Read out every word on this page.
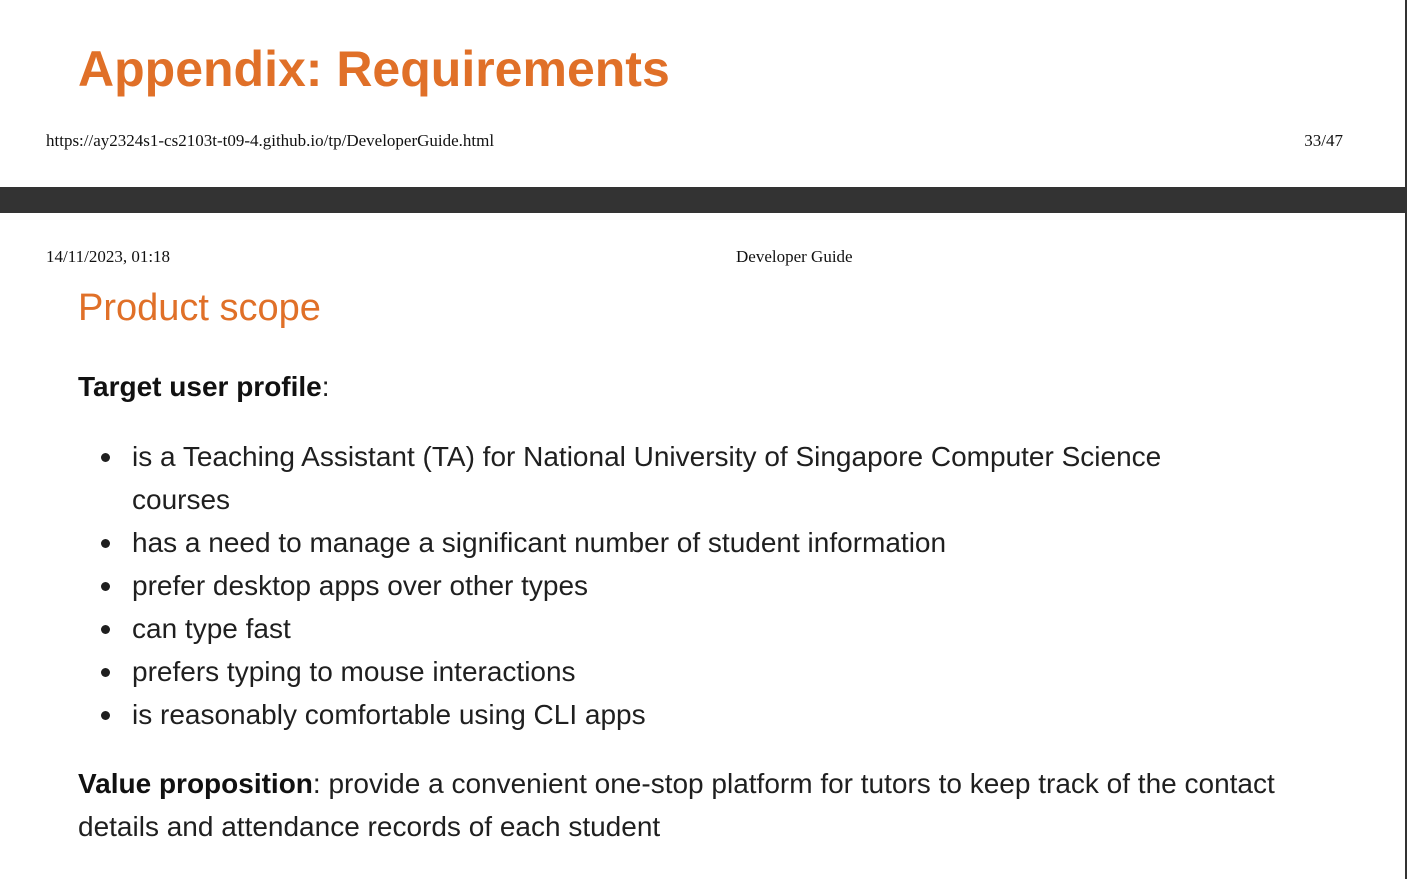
Appendix: Requirements
https://ay2324s1-cs2103t-t09-4.github.io/tp/DeveloperGuide.html	33/47
14/11/2023, 01:18	Developer Guide
Product scope

Target user profile:

is a Teaching Assistant (TA) for National University of Singapore Computer Science courses
has a need to manage a significant number of student information
prefer desktop apps over other types
can type fast
prefers typing to mouse interactions
is reasonably comfortable using CLI apps

Value proposition: provide a convenient one-stop platform for tutors to keep track of the contact details and attendance records of each student
